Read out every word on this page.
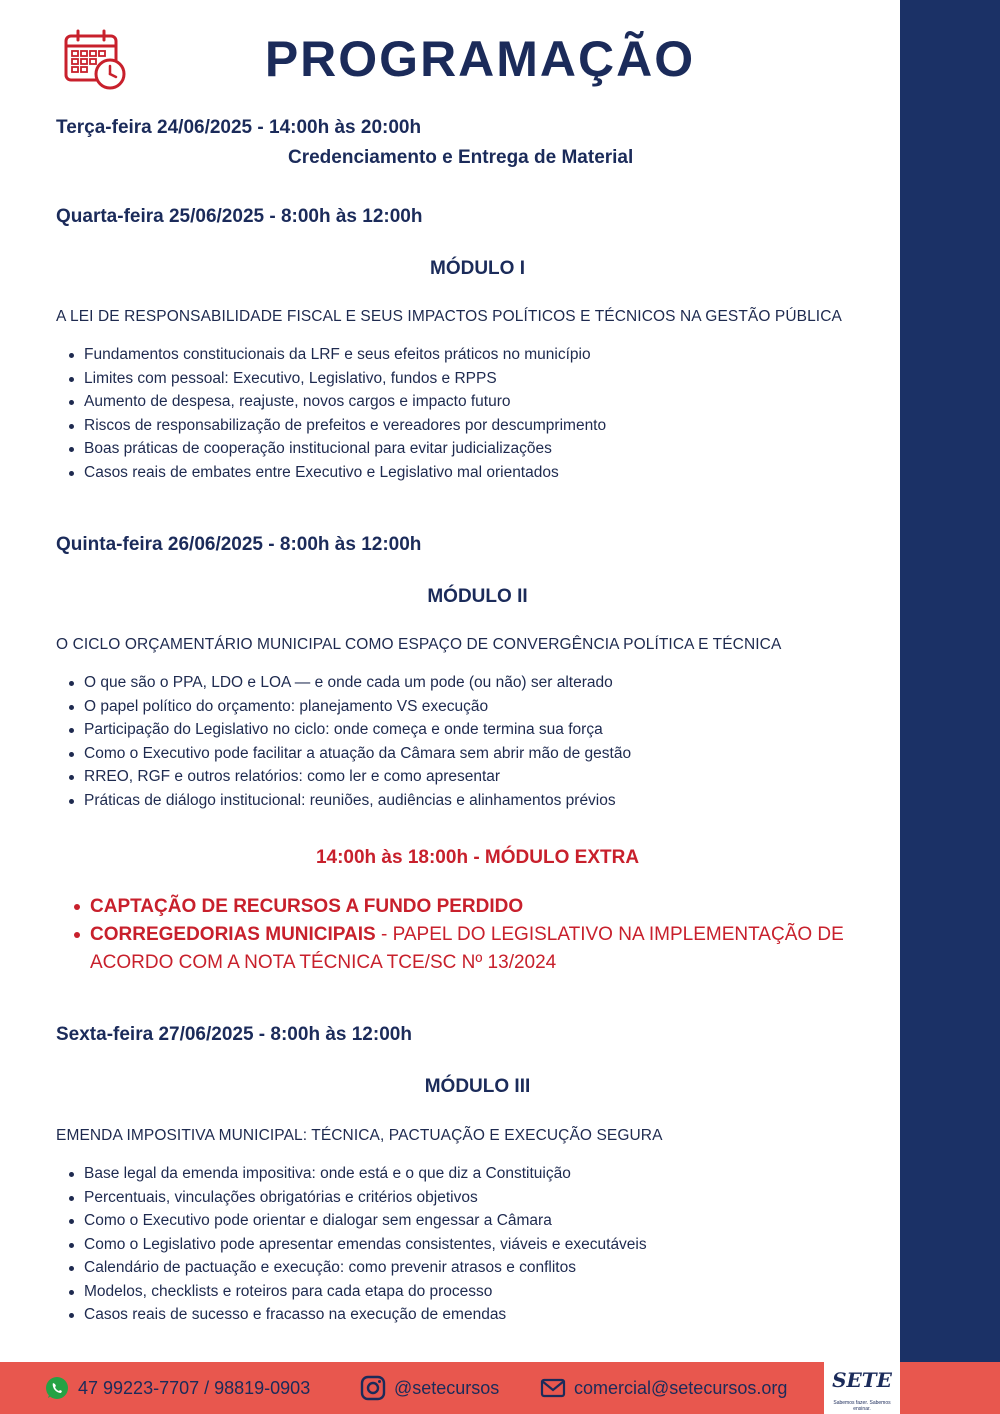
PROGRAMAÇÃO
Terça-feira 24/06/2025 - 14:00h às 20:00h
Credenciamento e Entrega de Material
Quarta-feira 25/06/2025 - 8:00h às 12:00h
MÓDULO I
A LEI DE RESPONSABILIDADE FISCAL E SEUS IMPACTOS POLÍTICOS E TÉCNICOS NA GESTÃO PÚBLICA
Fundamentos constitucionais da LRF e seus efeitos práticos no município
Limites com pessoal: Executivo, Legislativo, fundos e RPPS
Aumento de despesa, reajuste, novos cargos e impacto futuro
Riscos de responsabilização de prefeitos e vereadores por descumprimento
Boas práticas de cooperação institucional para evitar judicializações
Casos reais de embates entre Executivo e Legislativo mal orientados
Quinta-feira 26/06/2025 - 8:00h às 12:00h
MÓDULO II
O CICLO ORÇAMENTÁRIO MUNICIPAL COMO ESPAÇO DE CONVERGÊNCIA POLÍTICA E TÉCNICA
O que são o PPA, LDO e LOA — e onde cada um pode (ou não) ser alterado
O papel político do orçamento: planejamento VS execução
Participação do Legislativo no ciclo: onde começa e onde termina sua força
Como o Executivo pode facilitar a atuação da Câmara sem abrir mão de gestão
RREO, RGF e outros relatórios: como ler e como apresentar
Práticas de diálogo institucional: reuniões, audiências e alinhamentos prévios
14:00h às 18:00h - MÓDULO EXTRA
CAPTAÇÃO DE RECURSOS A FUNDO PERDIDO
CORREGEDORIAS MUNICIPAIS - PAPEL DO LEGISLATIVO NA IMPLEMENTAÇÃO DE ACORDO COM A NOTA TÉCNICA TCE/SC Nº 13/2024
Sexta-feira 27/06/2025 - 8:00h às 12:00h
MÓDULO III
EMENDA IMPOSITIVA MUNICIPAL: TÉCNICA, PACTUAÇÃO E EXECUÇÃO SEGURA
Base legal da emenda impositiva: onde está e o que diz a Constituição
Percentuais, vinculações obrigatórias e critérios objetivos
Como o Executivo pode orientar e dialogar sem engessar a Câmara
Como o Legislativo pode apresentar emendas consistentes, viáveis e executáveis
Calendário de pactuação e execução: como prevenir atrasos e conflitos
Modelos, checklists e roteiros para cada etapa do processo
Casos reais de sucesso e fracasso na execução de emendas
47 99223-7707 / 98819-0903	@setecursos	comercial@setecursos.org	SETE
Sabemos fazer. Sabemos ensinar.
